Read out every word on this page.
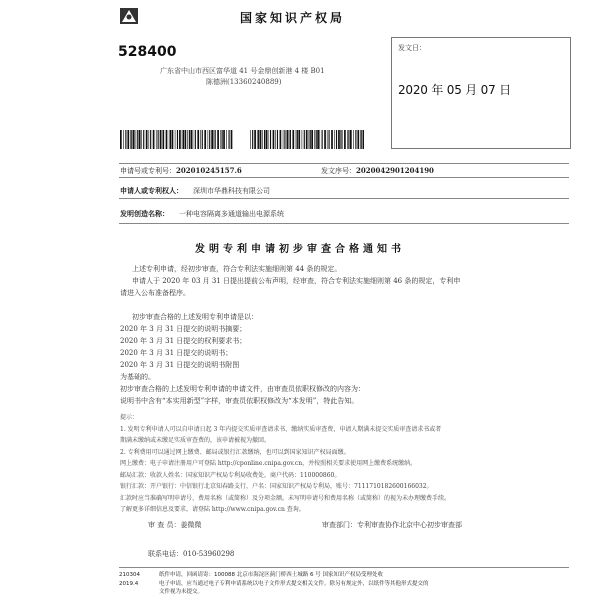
国家知识产权局
528400
广东省中山市西区富华道 41 号金鼎创新港 4 楼 B01
陈德洲(13360240889)
发文日：
2020 年 05 月 07 日
申请号或专利号：202010245157.6	发文序号：2020042901204190
申请人或专利权人： 深圳市华鼎科技有限公司
发明创造名称： 一种电容隔离多通道输出电源系统
发明专利申请初步审查合格通知书
上述专利申请，经初步审查，符合专利法实施细则第 44 条的规定。
申请人于 2020 年 03 月 31 日提出提前公布声明，经审查，符合专利法实施细则第 46 条的规定，专利申
请进入公布准备程序。
初步审查合格的上述发明专利申请是以：
2020 年 3 月 31 日提交的说明书摘要；
2020 年 3 月 31 日提交的权利要求书；
2020 年 3 月 31 日提交的说明书；
2020 年 3 月 31 日提交的说明书附图
为基础的。
初步审查合格的上述发明专利申请的申请文件，由审查员依职权修改的内容为：
说明书中含有“本实用新型”字样，审查员依职权修改为“本发明”，特此告知。
提示：
1. 发明专利申请人可以自申请日起 3 年内提交实质审查请求书、缴纳实质审查费，申请人期满未提交实质审查请求书或者
期满未缴纳或未缴足实质审查费的，该申请被视为撤回。
2. 专利费用可以通过网上缴费、邮局或银行汇款缴纳，也可以到国家知识产权局面缴。
网上缴费：电子申请注册用户可登陆 http://cponline.cnipa.gov.cn，并按照相关要求使用网上缴费系统缴纳。
邮局汇款：收款人姓名：国家知识产权局专利局收费处，商户代码：110000860。
银行汇款：开户银行：中信银行北京知春路支行，户名：国家知识产权局专利局，账号：7111710182600166032。
汇款时应当准确写明申请号、费用名称（或简称）及分项金额。未写明申请号和费用名称（或简称）的视为未办理缴费手续。
了解更多详细信息及要求，请登陆 http://www.cnipa.gov.cn 查询。
审 查 员：姜微微	审查部门：专利审查协作北京中心初步审查部
联系电话：010-53960298
210304
2019.4
纸件申请，回函请寄：100088 北京市海淀区蓟门桥西土城路 6 号 国家知识产权局受理处收
电子申请，应当通过电子专利申请系统以电子文件形式提交相关文件。除另有规定外，以纸件等其他形式提交的
文件视为未提交。
